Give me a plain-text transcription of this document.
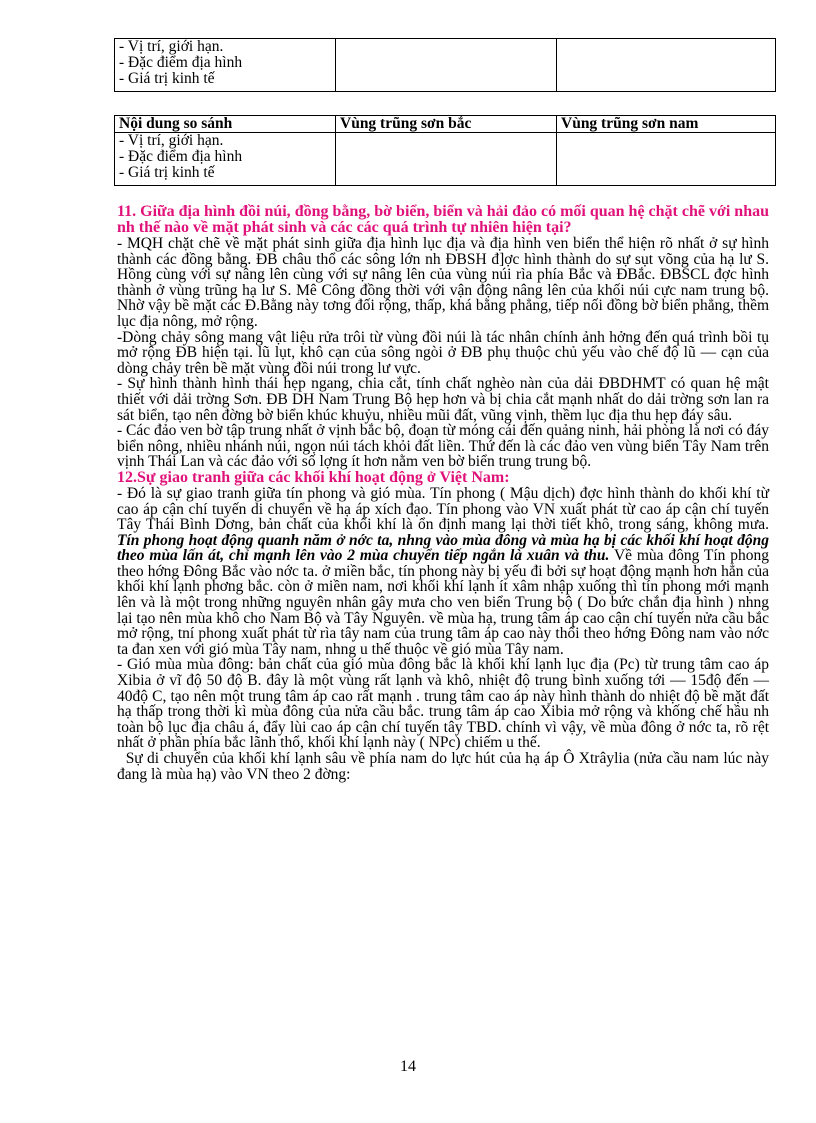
- Vị trí, giới hạn.
- Đặc điểm địa hình
- Giá trị kinh tế		
Nội dung so sánh	Vùng trũng sơn bắc	Vùng trũng sơn nam
- Vị trí, giới hạn.
- Đặc điểm địa hình
- Giá trị kinh tế		

11. Giữa địa hình đồi núi, đồng bằng, bờ biển, biển và hải đảo có mối quan hệ chặt chẽ với nhau nh thế nào về mặt phát sinh và các các quá trình tự nhiên hiện tại?

- MQH chặt chẽ về mặt phát sinh giữa địa hình lục địa và địa hình ven biển thể hiện rõ nhất ở sự hình thành các đồng bằng. ĐB châu thổ các sông lớn nh ĐBSH đ]ợc hình thành do sự sụt võng của hạ lư S. Hồng cùng với sự nâng lên cùng với sự nâng lên của vùng núi rìa phía Bắc và ĐBắc. ĐBSCL đợc hình thành ở vùng trũng hạ lư S. Mê Công đồng thời với vận động nâng lên của khối núi cực nam trung bộ. Nhờ vậy bề mặt các Đ.Bằng này tơng đối rộng, thấp, khá bằng phẳng, tiếp nối đồng bờ biển phẳng, thềm lục địa nông, mở rộng.

-Dòng chảy sông mang vật liệu rửa trôi từ vùng đồi núi là tác nhân chính ảnh hởng đến quá trình bồi tụ mở rộng ĐB hiện tại. lũ lụt, khô cạn của sông ngòi ở ĐB phụ thuộc chủ yếu vào chế độ lũ — cạn của dòng chảy trên bề mặt vùng đồi núi trong lư vực.

- Sự hình thành hình thái hẹp ngang, chia cắt, tính chất nghèo nàn của dải ĐBDHMT có quan hệ mật thiết với dải trờng Sơn. ĐB DH Nam Trung Bộ hẹp hơn và bị chia cắt mạnh nhất do dải trờng sơn lan ra sát biển, tạo nên đờng bờ biển khúc khuỷu, nhiều mũi đất, vũng vịnh, thềm lục địa thu hẹp đáy sâu.

- Các đảo ven bờ tập trung nhất ở vịnh bắc bộ, đoạn từ móng cái đến quảng ninh, hải phòng là nơi có đáy biển nông, nhiều nhánh núi, ngọn núi tách khỏi đất liền. Thứ đến là các đảo ven vùng biển Tây Nam trên vịnh Thái Lan và các đảo với số lợng ít hơn nằm ven bờ biển trung trung bộ.

12.Sự giao tranh giữa các khối khí hoạt động ở Việt Nam:

- Đó là sự giao tranh giữa tín phong và gió mùa. Tín phong ( Mậu dịch) đợc hình thành do khối khí từ cao áp cận chí tuyến di chuyển về hạ áp xích đạo. Tín phong vào VN xuất phát từ cao áp cận chí tuyến Tây Thái Bình Dơng, bản chất của khối khí là ổn định mang lại thời tiết khô, trong sáng, không mưa. Tín phong hoạt động quanh năm ở nớc ta, nhng vào mùa đông và mùa hạ bị các khối khí hoạt động theo mùa lấn át, chỉ mạnh lên vào 2 mùa chuyển tiếp ngắn là xuân và thu. Về mùa đông Tín phong theo hớng Đông Bắc vào nớc ta. ở miền bắc, tín phong này bị yếu đi bởi sự hoạt động mạnh hơn hẳn của khối khí lạnh phơng bắc. còn ở miền nam, nơi khối khí lạnh ít xâm nhập xuống thì tín phong mới mạnh lên và là một trong những nguyên nhân gây mưa cho ven biển Trung bộ ( Do bức chắn địa hình ) nhng lại tạo nên mùa khô cho Nam Bộ và Tây Nguyên. về mùa hạ, trung tâm áp cao cận chí tuyến nửa cầu bắc mở rộng, tní phong xuất phát từ rìa tây nam của trung tâm áp cao này thổi theo hớng Đông nam vào nớc ta đan xen với gió mùa Tây nam, nhng u thế thuộc về gió mùa Tây nam.

- Gió mùa mùa đông: bản chất của gió mùa đông bắc là khối khí lạnh lục địa (Pc) từ trung tâm cao áp Xibia ở vĩ độ 50 độ B. đây là một vùng rất lạnh và khô, nhiệt độ trung bình xuống tới — 15độ đến — 40độ C, tạo nên một trung tâm áp cao rất mạnh . trung tâm cao áp này hình thành do nhiệt độ bề mặt đất hạ thấp trong thời kì mùa đông của nửa cầu bắc. trung tâm áp cao Xibia mở rộng và khống chế hầu nh toàn bộ lục địa châu á, đẩy lùi cao áp cận chí tuyến tây TBD. chính vì vậy, về mùa đông ở nớc ta, rõ rệt nhất ở phần phía bắc lãnh thổ, khối khí lạnh này ( NPc) chiếm u thế.

Sự di chuyển của khối khí lạnh sâu về phía nam do lực hút của hạ áp Ô Xtrâylia (nửa cầu nam lúc này đang là mùa hạ) vào VN theo 2 đờng:

14
